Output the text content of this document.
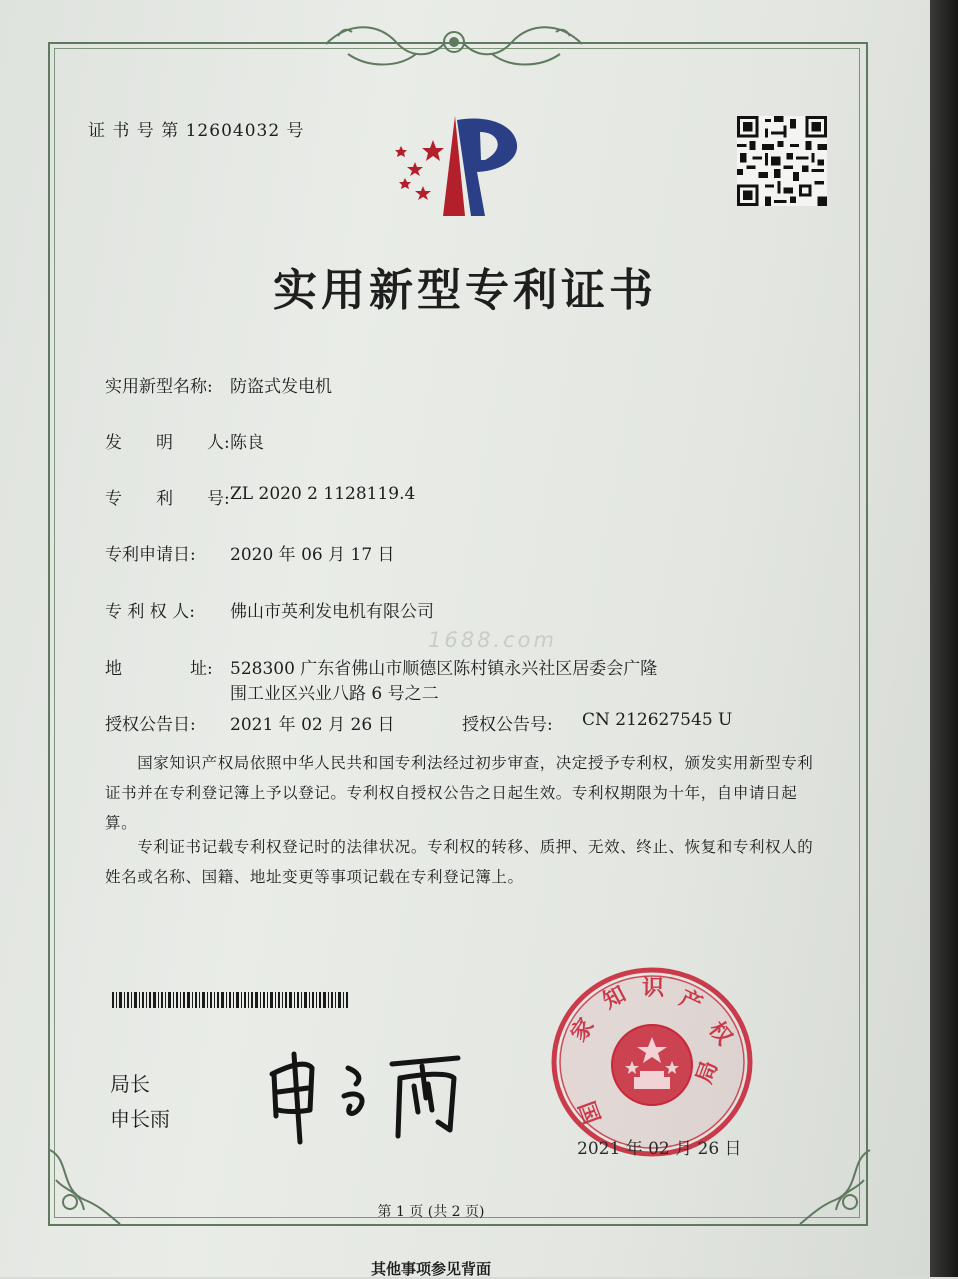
证 书 号 第 12604032 号
实用新型专利证书
实用新型名称: 防盗式发电机
发　　明　　人: 陈良
专　　利　　号: ZL 2020 2 1128119.4
专利申请日: 2020 年 06 月 17 日
专 利 权 人: 佛山市英利发电机有限公司
1688.com
地　　　　址: 528300 广东省佛山市顺德区陈村镇永兴社区居委会广隆
围工业区兴业八路 6 号之二
授权公告日: 2021 年 02 月 26 日	授权公告号: CN 212627545 U
　　国家知识产权局依照中华人民共和国专利法经过初步审查，决定授予专利权，颁发实用新型专利证书并在专利登记簿上予以登记。专利权自授权公告之日起生效。专利权期限为十年，自申请日起算。
　　专利证书记载专利权登记时的法律状况。专利权的转移、质押、无效、终止、恢复和专利权人的姓名或名称、国籍、地址变更等事项记载在专利登记簿上。
局长
申长雨
家
知 识 产
权
局
国
2021 年 02 月 26 日
第 1 页 (共 2 页)
其他事项参见背面
